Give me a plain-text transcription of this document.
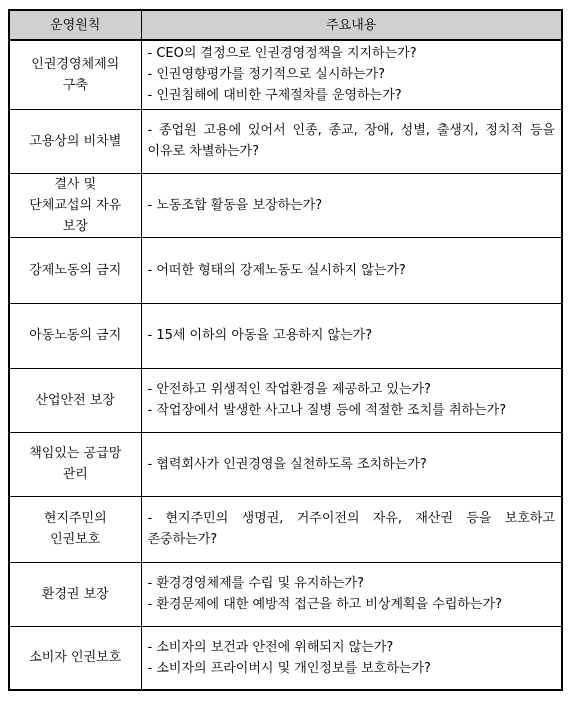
운영원칙	주요내용

인권경영체제의
구축	- CEO의 결정으로 인권경영정책을 지지하는가?
- 인권영향평가를 정기적으로 실시하는가?
- 인권침해에 대비한 구제절차를 운영하는가?

고용상의 비차별	- 종업원 고용에 있어서 인종, 종교, 장애, 성별, 출생지, 정치적 등을 이유로 차별하는가?

결사 및
단체교섭의 자유
보장	- 노동조합 활동을 보장하는가?

강제노동의 금지	- 어떠한 형태의 강제노동도 실시하지 않는가?

아동노동의 금지	- 15세 이하의 아동을 고용하지 않는가?

산업안전 보장	- 안전하고 위생적인 작업환경을 제공하고 있는가?
- 작업장에서 발생한 사고나 질병 등에 적절한 조치를 취하는가?

책임있는 공급망
관리	- 협력회사가 인권경영을 실천하도록 조치하는가?

현지주민의
인권보호	- 현지주민의 생명권, 거주이전의 자유, 재산권 등을 보호하고 존중하는가?

환경권 보장	- 환경경영체제를 수립 및 유지하는가?
- 환경문제에 대한 예방적 접근을 하고 비상계획을 수립하는가?

소비자 인권보호	- 소비자의 보건과 안전에 위해되지 않는가?
- 소비자의 프라이버시 및 개인정보를 보호하는가?
